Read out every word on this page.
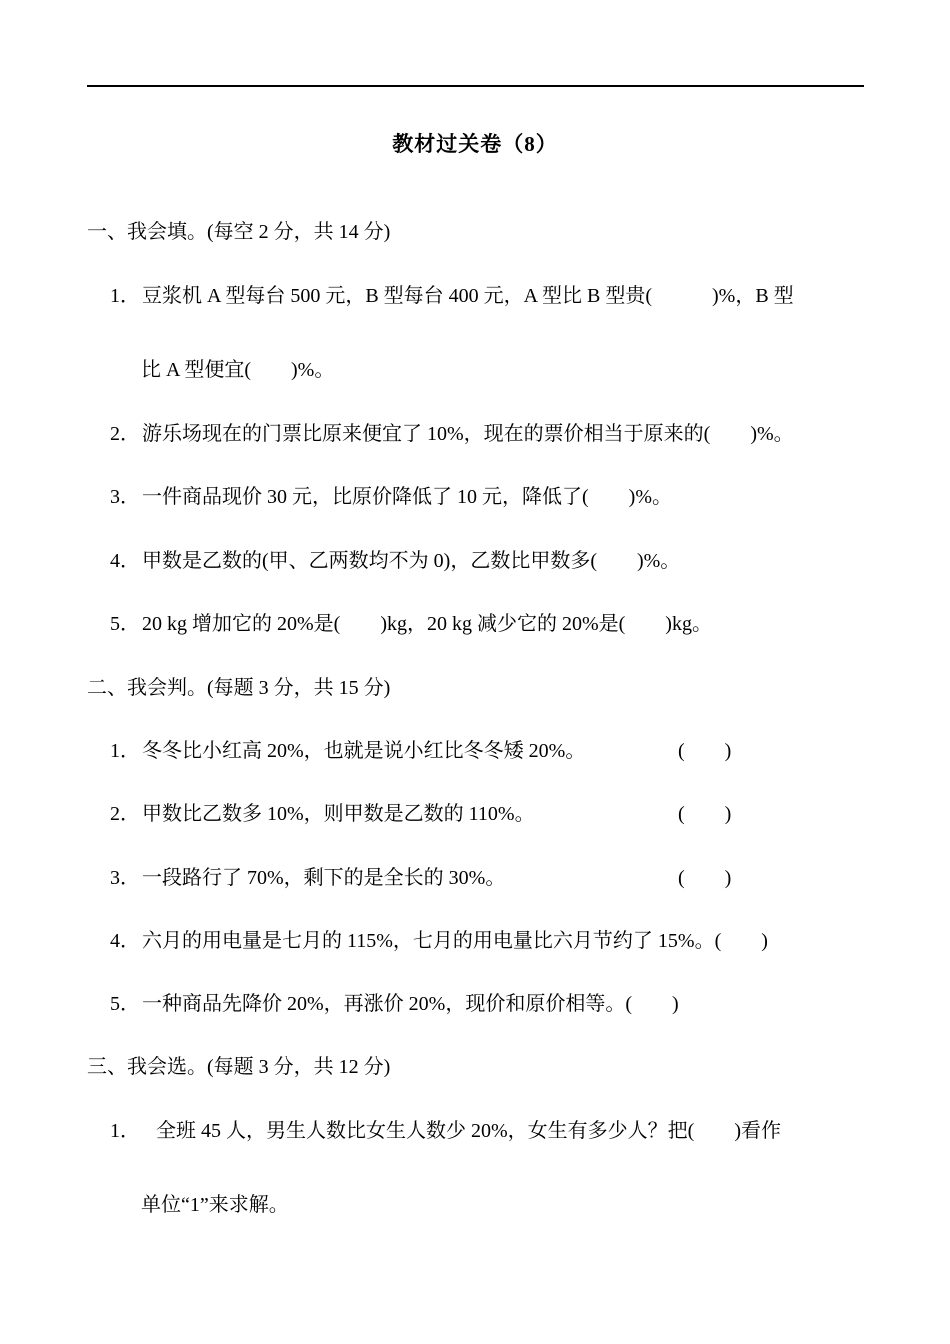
教材过关卷（8）
一、我会填。(每空 2 分，共 14 分)
1． 豆浆机 A 型每台 500 元，B 型每台 400 元，A 型比 B 型贵(　　　)%，B 型
比 A 型便宜(　　)%。
2． 游乐场现在的门票比原来便宜了 10%，现在的票价相当于原来的(　　)%。
3． 一件商品现价 30 元，比原价降低了 10 元，降低了(　　)%。
4． 甲数是乙数的(甲、乙两数均不为 0)，乙数比甲数多(　　)%。
5． 20 kg 增加它的 20%是(　　)kg，20 kg 减少它的 20%是(　　)kg。
二、我会判。(每题 3 分，共 15 分)
1． 冬冬比小红高 20%，也就是说小红比冬冬矮 20%。	(　　)
2． 甲数比乙数多 10%，则甲数是乙数的 110%。	(　　)
3． 一段路行了 70%，剩下的是全长的 30%。	(　　)
4． 六月的用电量是七月的 115%，七月的用电量比六月节约了 15%。(　　)
5． 一种商品先降价 20%，再涨价 20%，现价和原价相等。(　　)
三、我会选。(每题 3 分，共 12 分)
1． 全班 45 人，男生人数比女生人数少 20%，女生有多少人？把(　　)看作
单位“1”来求解。
